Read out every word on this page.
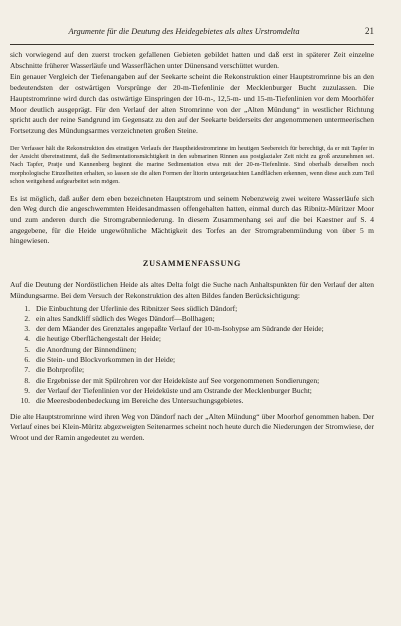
Argumente für die Deutung des Heidegebietes als altes Urstromdelta	21

sich vorwiegend auf den zuerst trocken gefallenen Gebieten gebildet hatten und daß erst in späterer Zeit einzelne Abschnitte früherer Wasserläufe und Wasserflächen unter Dünensand verschüttet wurden.

Ein genauer Vergleich der Tiefenangaben auf der Seekarte scheint die Rekonstruktion einer Hauptstromrinne bis an den bedeutendsten der ostwärtigen Vorsprünge der 20-m-Tiefenlinie der Mecklenburger Bucht zuzulassen. Die Hauptstromrinne wird durch das ostwärtige Einspringen der 10-m-, 12,5-m- und 15-m-Tiefenlinien vor dem Moorhöfer Moor deutlich ausgeprägt. Für den Verlauf der alten Stromrinne von der „Alten Mündung“ in westlicher Richtung spricht auch der reine Sandgrund im Gegensatz zu den auf der Seekarte beiderseits der angenommenen untermeerischen Fortsetzung des Mündungsarmes verzeichneten großen Steine.

Der Verfasser hält die Rekonstruktion des einstigen Verlaufs der Hauptheidestromrinne im heutigen Seebereich für berechtigt, da er mit Tapfer in der Ansicht übereinstimmt, daß die Sedimentationsmächtigkeit in den submarinen Rinnen aus postglazialer Zeit nicht zu groß anzunehmen sei. Nach Tapfer, Pratje und Kannenberg beginnt die marine Sedimentation etwa mit der 20-m-Tiefenlinie. Sind oberhalb derselben noch morphologische Einzelheiten erhalten, so lassen sie die alten Formen der litorin untergetauchten Landflächen erkennen, wenn diese auch zum Teil schon weitgehend aufgearbeitet sein mögen.

Es ist möglich, daß außer dem eben bezeichneten Hauptstrom und seinem Nebenzweig zwei weitere Wasserläufe sich den Weg durch die angeschwemmten Heidesandmassen offengehalten hatten, einmal durch das Ribnitz-Müritzer Moor und zum anderen durch die Stromgrabenniederung. In diesem Zusammenhang sei auf die bei Kaestner auf S. 4 angegebene, für die Heide ungewöhnliche Mächtigkeit des Torfes an der Stromgrabenmündung von über 5 m hingewiesen.

ZUSAMMENFASSUNG

Auf die Deutung der Nordöstlichen Heide als altes Delta folgt die Suche nach Anhaltspunkten für den Verlauf der alten Mündungsarme. Bei dem Versuch der Rekonstruktion des alten Bildes fanden Berücksichtigung:

1. Die Einbuchtung der Uferlinie des Ribnitzer Sees südlich Dändorf;
2. ein altes Sandkliff südlich des Weges Dändorf—Bollhagen;
3. der dem Mäander des Grenztales angepaßte Verlauf der 10-m-Isohypse am Südrande der Heide;
4. die heutige Oberflächengestalt der Heide;
5. die Anordnung der Binnendünen;
6. die Stein- und Blockvorkommen in der Heide;
7. die Bohrprofile;
8. die Ergebnisse der mit Spülrohren vor der Heideküste auf See vorgenommenen Sondierungen;
9. der Verlauf der Tiefenlinien vor der Heideküste und am Ostrande der Mecklenburger Bucht;
10. die Meeresbodenbedeckung im Bereiche des Untersuchungsgebietes.

Die alte Hauptstromrinne wird ihren Weg von Dändorf nach der „Alten Mündung“ über Moorhof genommen haben. Der Verlauf eines bei Klein-Müritz abgezweigten Seitenarmes scheint noch heute durch die Niederungen der Stromwiese, der Wroot und der Ramin angedeutet zu werden.
